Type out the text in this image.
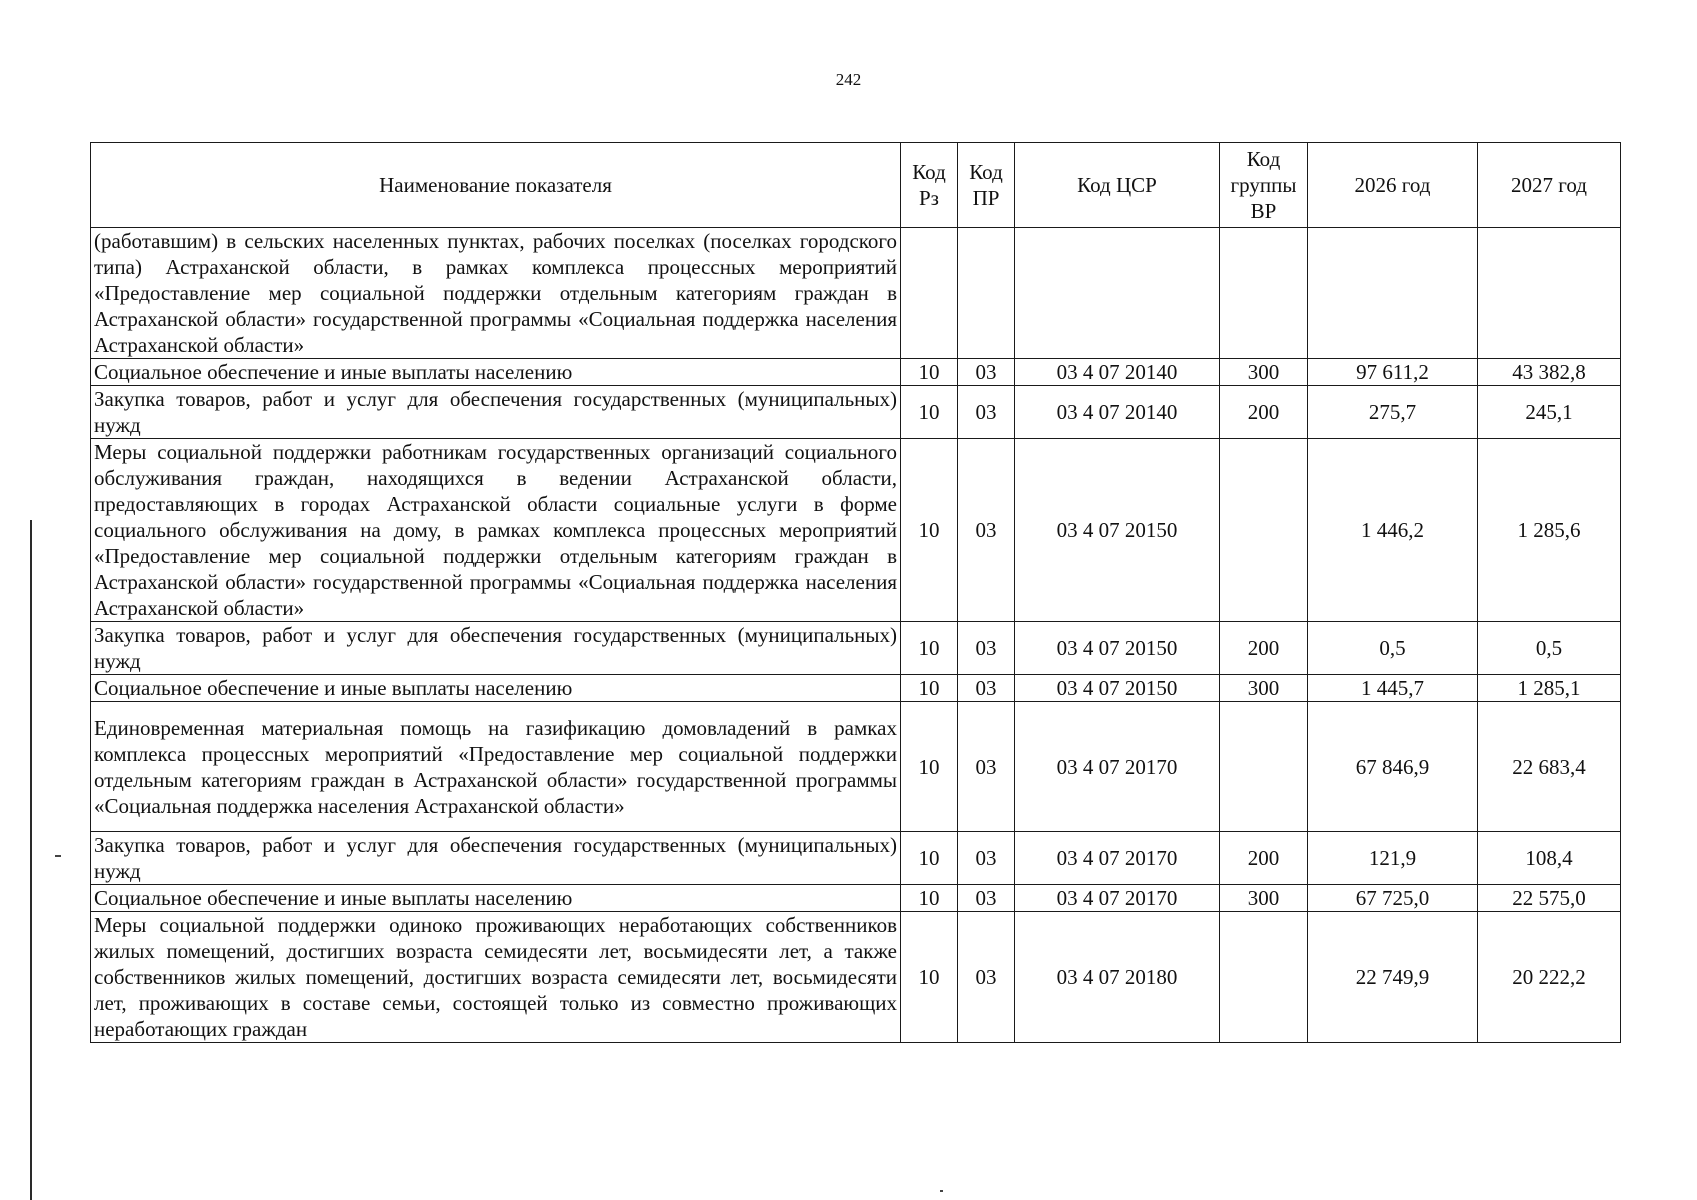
242
Наименование показателя	Код Рз	Код ПР	Код ЦСР	Код группы ВР	2026 год	2027 год
(работавшим) в сельских населенных пунктах, рабочих поселках (поселках городского типа) Астраханской области, в рамках комплекса процессных мероприятий «Предоставление мер социальной поддержки отдельным категориям граждан в Астраханской области» государственной программы «Социальная поддержка населения Астраханской области»						
Социальное обеспечение и иные выплаты населению	10	03	03 4 07 20140	300	97 611,2	43 382,8
Закупка товаров, работ и услуг для обеспечения государственных (муниципальных) нужд	10	03	03 4 07 20140	200	275,7	245,1
Меры социальной поддержки работникам государственных организаций социального обслуживания граждан, находящихся в ведении Астраханской области, предоставляющих в городах Астраханской области социальные услуги в форме социального обслуживания на дому, в рамках комплекса процессных мероприятий «Предоставление мер социальной поддержки отдельным категориям граждан в Астраханской области» государственной программы «Социальная поддержка населения Астраханской области»	10	03	03 4 07 20150		1 446,2	1 285,6
Закупка товаров, работ и услуг для обеспечения государственных (муниципальных) нужд	10	03	03 4 07 20150	200	0,5	0,5
Социальное обеспечение и иные выплаты населению	10	03	03 4 07 20150	300	1 445,7	1 285,1
Единовременная материальная помощь на газификацию домовладений в рамках комплекса процессных мероприятий «Предоставление мер социальной поддержки отдельным категориям граждан в Астраханской области» государственной программы «Социальная поддержка населения Астраханской области»	10	03	03 4 07 20170		67 846,9	22 683,4
Закупка товаров, работ и услуг для обеспечения государственных (муниципальных) нужд	10	03	03 4 07 20170	200	121,9	108,4
Социальное обеспечение и иные выплаты населению	10	03	03 4 07 20170	300	67 725,0	22 575,0
Меры социальной поддержки одиноко проживающих неработающих собственников жилых помещений, достигших возраста семидесяти лет, восьмидесяти лет, а также собственников жилых помещений, достигших возраста семидесяти лет, восьмидесяти лет, проживающих в составе семьи, состоящей только из совместно проживающих неработающих граждан	10	03	03 4 07 20180		22 749,9	20 222,2
